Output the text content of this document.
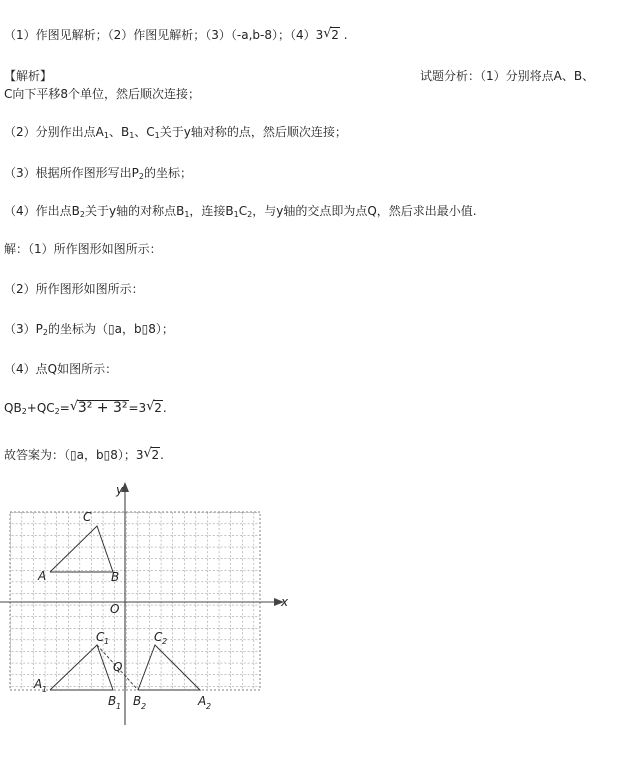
（1）作图见解析；（2）作图见解析；（3）（-a,b-8）；（4）3 √ 2 .
【解析】	试题分析：（1）分别将点A、B、
C向下平移8个单位，然后顺次连接；
（2）分别作出点$A_1$、$B_1$、$C_1$关于y轴对称的点，然后顺次连接；
（3）根据所作图形写出$P_2$的坐标；
（4）作出点$B_2$关于y轴的对称点$B_1$，连接$B_1C_2$，与y轴的交点即为点Q，然后求出最小值.
解：（1）所作图形如图所示：
（2）所作图形如图所示：
$(3)P_2$的坐标为（▯a，b▯8）；
（4）点Q如图所示：
$QB_2+QC_2=$ √ 3² + 3²=3 √ 2.
故答案为：（▯a，b▯8）；3 √ 2.
y
x
O
C
A	B
C 1
A 1
B 1
C 2
B 2	A 2
Q
